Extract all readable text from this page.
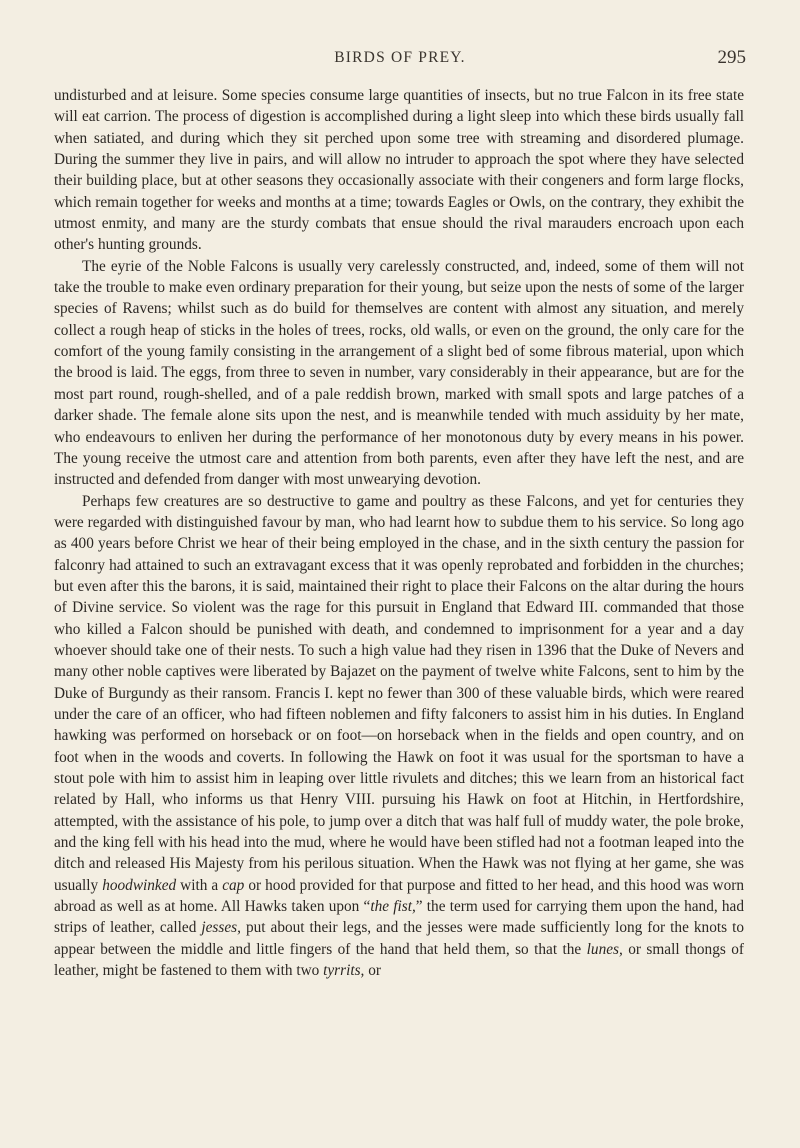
BIRDS OF PREY.	295

undisturbed and at leisure. Some species consume large quantities of insects, but no true Falcon in its free state will eat carrion. The process of digestion is accomplished during a light sleep into which these birds usually fall when satiated, and during which they sit perched upon some tree with streaming and disordered plumage. During the summer they live in pairs, and will allow no intruder to approach the spot where they have selected their building place, but at other seasons they occasionally associate with their congeners and form large flocks, which remain together for weeks and months at a time; towards Eagles or Owls, on the contrary, they exhibit the utmost enmity, and many are the sturdy combats that ensue should the rival marauders encroach upon each other's hunting grounds.

The eyrie of the Noble Falcons is usually very carelessly constructed, and, indeed, some of them will not take the trouble to make even ordinary preparation for their young, but seize upon the nests of some of the larger species of Ravens; whilst such as do build for themselves are content with almost any situation, and merely collect a rough heap of sticks in the holes of trees, rocks, old walls, or even on the ground, the only care for the comfort of the young family consisting in the arrangement of a slight bed of some fibrous material, upon which the brood is laid. The eggs, from three to seven in number, vary considerably in their appearance, but are for the most part round, rough-shelled, and of a pale reddish brown, marked with small spots and large patches of a darker shade. The female alone sits upon the nest, and is meanwhile tended with much assiduity by her mate, who endeavours to enliven her during the performance of her monotonous duty by every means in his power. The young receive the utmost care and attention from both parents, even after they have left the nest, and are instructed and defended from danger with most unwearying devotion.

Perhaps few creatures are so destructive to game and poultry as these Falcons, and yet for centuries they were regarded with distinguished favour by man, who had learnt how to subdue them to his service. So long ago as 400 years before Christ we hear of their being employed in the chase, and in the sixth century the passion for falconry had attained to such an extravagant excess that it was openly reprobated and forbidden in the churches; but even after this the barons, it is said, maintained their right to place their Falcons on the altar during the hours of Divine service. So violent was the rage for this pursuit in England that Edward III. commanded that those who killed a Falcon should be punished with death, and condemned to imprisonment for a year and a day whoever should take one of their nests. To such a high value had they risen in 1396 that the Duke of Nevers and many other noble captives were liberated by Bajazet on the payment of twelve white Falcons, sent to him by the Duke of Burgundy as their ransom. Francis I. kept no fewer than 300 of these valuable birds, which were reared under the care of an officer, who had fifteen noblemen and fifty falconers to assist him in his duties. In England hawking was performed on horseback or on foot—on horseback when in the fields and open country, and on foot when in the woods and coverts. In following the Hawk on foot it was usual for the sportsman to have a stout pole with him to assist him in leaping over little rivulets and ditches; this we learn from an historical fact related by Hall, who informs us that Henry VIII. pursuing his Hawk on foot at Hitchin, in Hertfordshire, attempted, with the assistance of his pole, to jump over a ditch that was half full of muddy water, the pole broke, and the king fell with his head into the mud, where he would have been stifled had not a footman leaped into the ditch and released His Majesty from his perilous situation. When the Hawk was not flying at her game, she was usually hoodwinked with a cap or hood provided for that purpose and fitted to her head, and this hood was worn abroad as well as at home. All Hawks taken upon “the fist,” the term used for carrying them upon the hand, had strips of leather, called jesses, put about their legs, and the jesses were made sufficiently long for the knots to appear between the middle and little fingers of the hand that held them, so that the lunes, or small thongs of leather, might be fastened to them with two tyrrits, or
